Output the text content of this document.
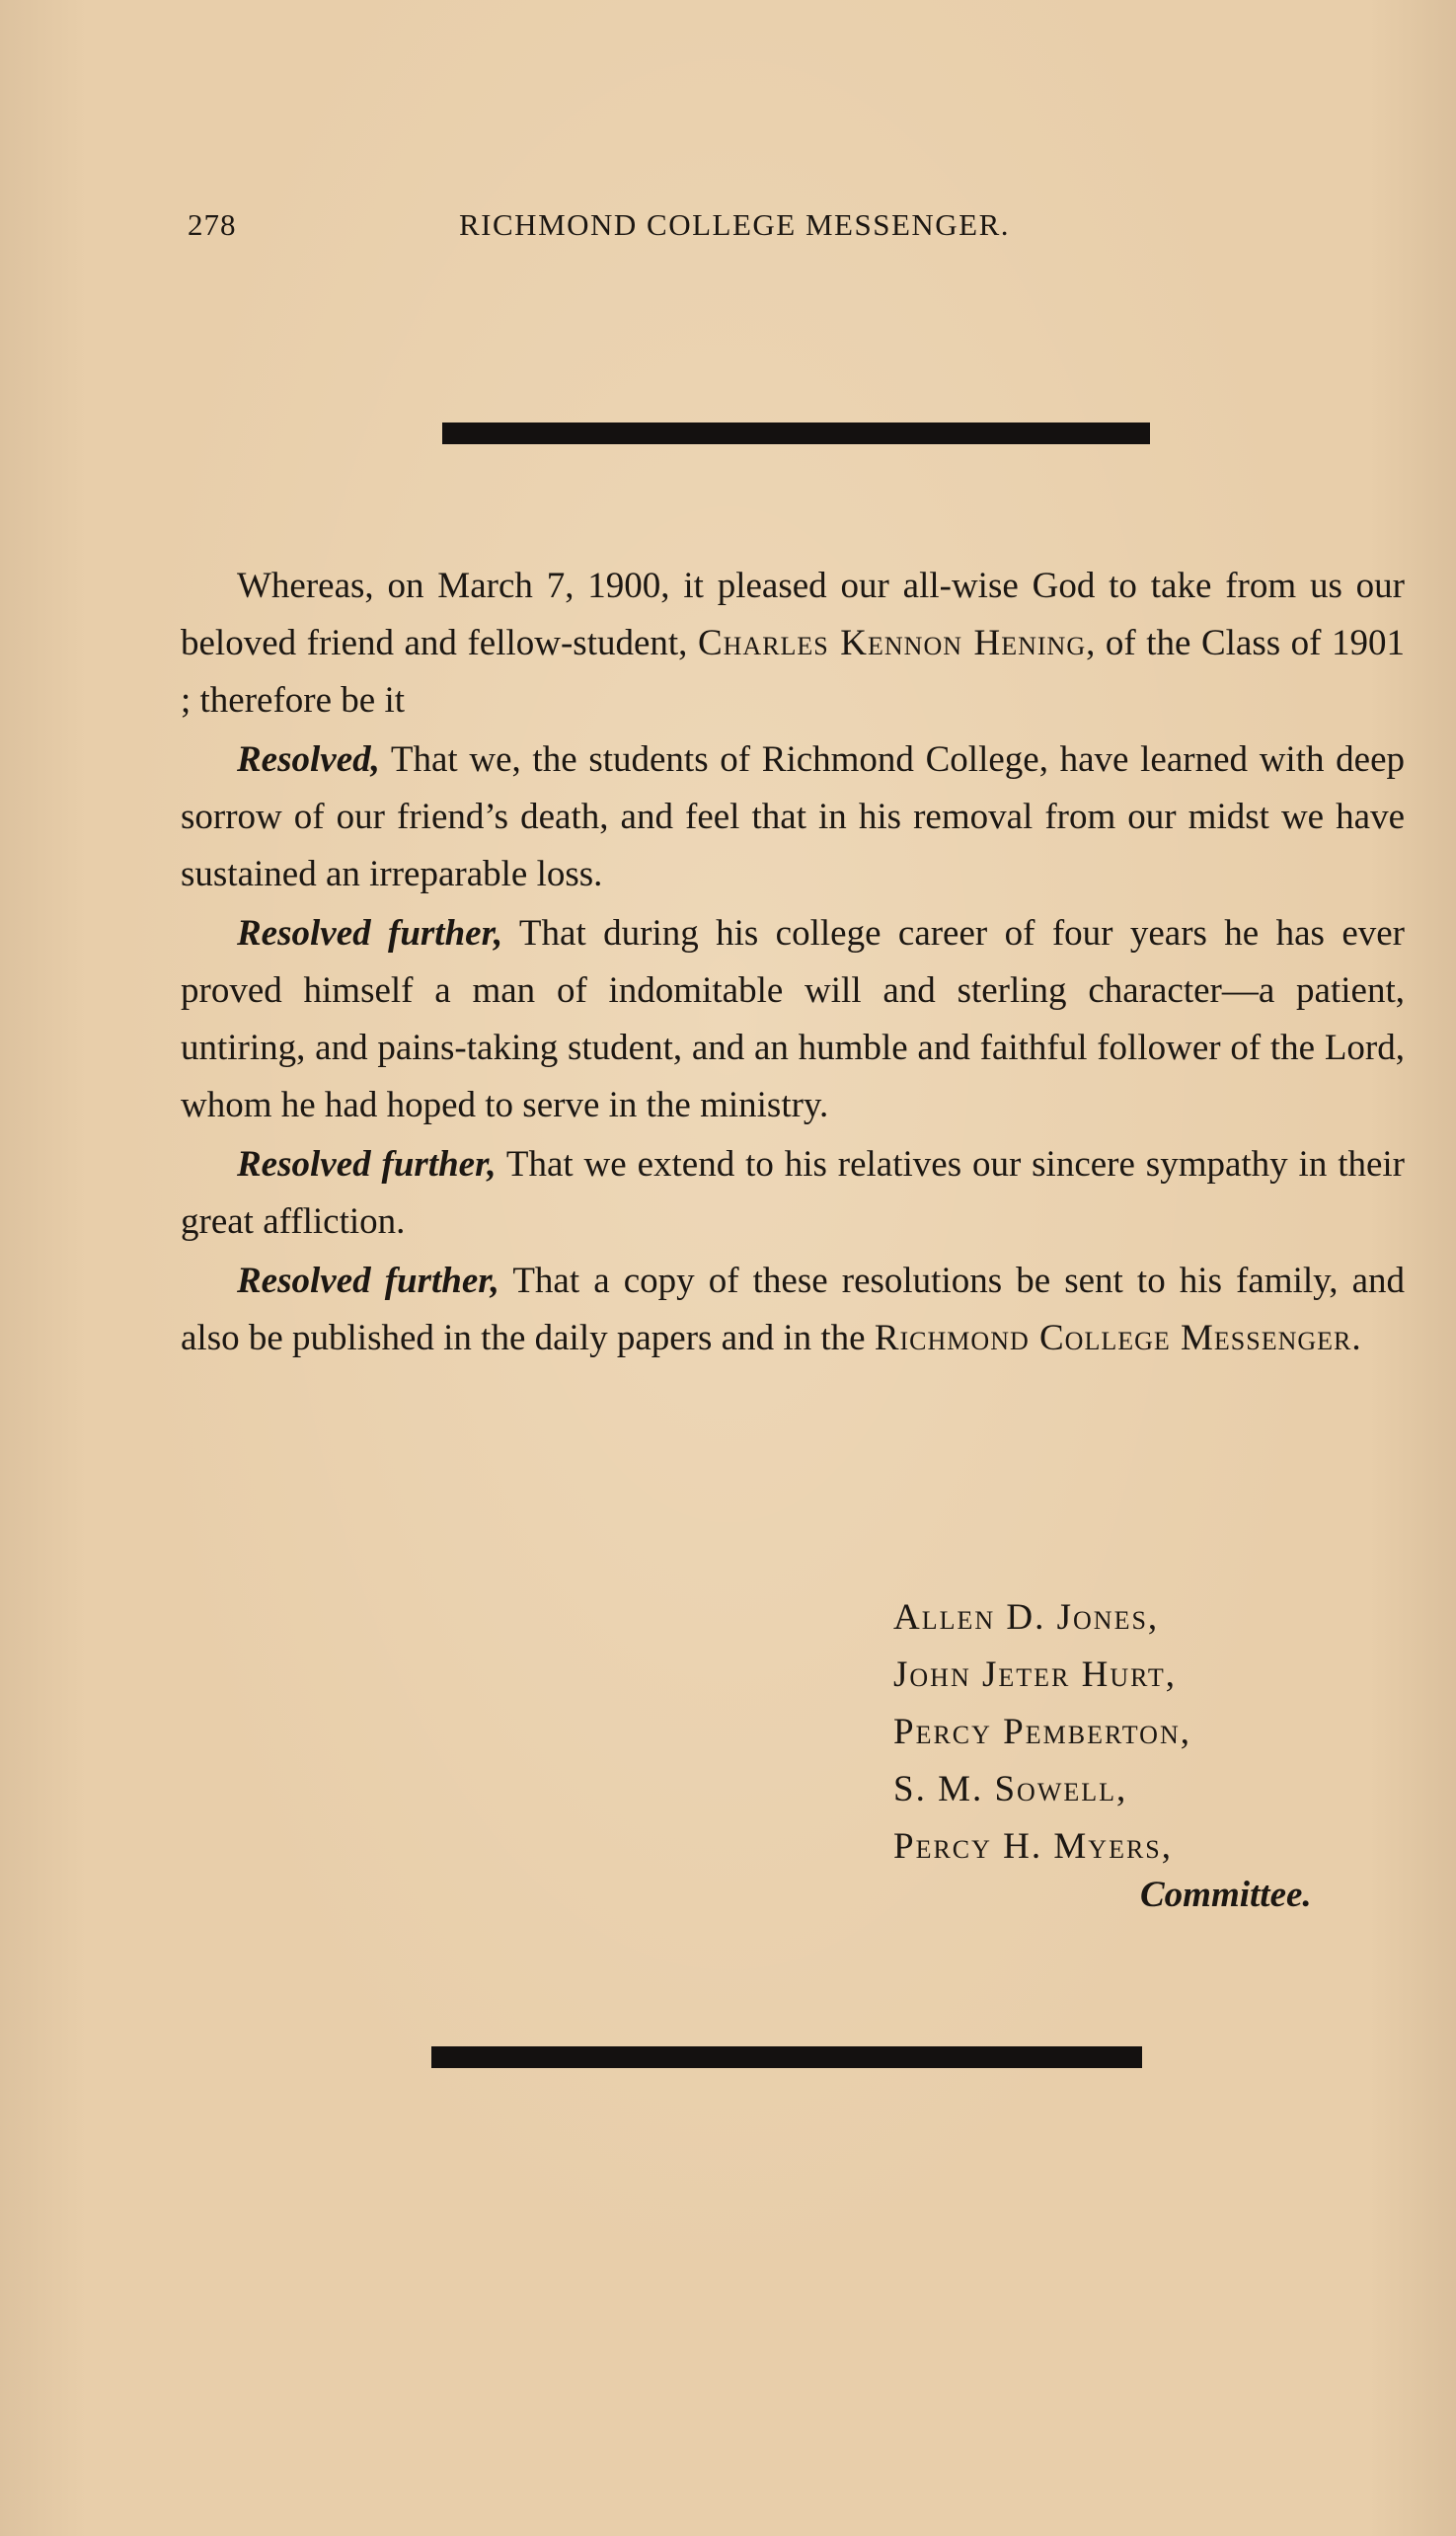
278	RICHMOND COLLEGE MESSENGER.

Whereas, on March 7, 1900, it pleased our all-wise God to take from us our beloved friend and fellow-student, Charles Kennon Hening, of the Class of 1901 ; therefore be it

Resolved, That we, the students of Richmond College, have learned with deep sorrow of our friend’s death, and feel that in his removal from our midst we have sustained an irreparable loss.

Resolved further, That during his college career of four years he has ever proved himself a man of indomitable will and sterling character—a patient, untiring, and pains-taking student, and an humble and faithful follower of the Lord, whom he had hoped to serve in the ministry.

Resolved further, That we extend to his relatives our sincere sympathy in their great affliction.

Resolved further, That a copy of these resolutions be sent to his family, and also be published in the daily papers and in the Richmond College Messenger.

Allen D. Jones,
John Jeter Hurt,
Percy Pemberton,
S. M. Sowell,
Percy H. Myers,
Committee.
